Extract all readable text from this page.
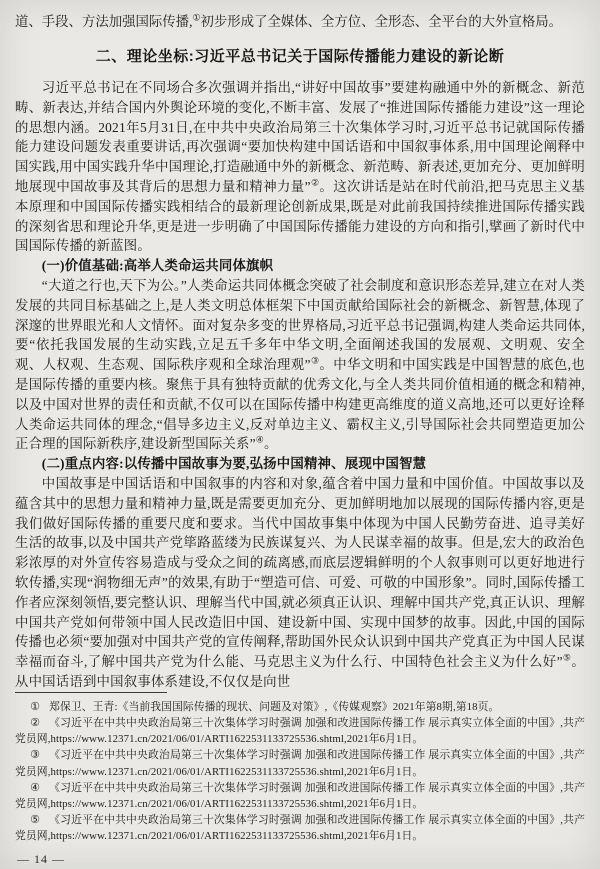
道、手段、方法加强国际传播,①初步形成了全媒体、全方位、全形态、全平台的大外宣格局。

二、理论坐标:习近平总书记关于国际传播能力建设的新论断

习近平总书记在不同场合多次强调并指出,“讲好中国故事”要建构融通中外的新概念、新范畴、新表达,并结合国内外舆论环境的变化,不断丰富、发展了“推进国际传播能力建设”这一理论的思想内涵。2021年5月31日,在中共中央政治局第三十次集体学习时,习近平总书记就国际传播能力建设问题发表重要讲话,再次强调“要加快构建中国话语和中国叙事体系,用中国理论阐释中国实践,用中国实践升华中国理论,打造融通中外的新概念、新范畴、新表述,更加充分、更加鲜明地展现中国故事及其背后的思想力量和精神力量”②。这次讲话是站在时代前沿,把马克思主义基本原理和中国国际传播实践相结合的最新理论创新成果,既是对此前我国持续推进国际传播实践的深刻省思和理论升华,更是进一步明确了中国国际传播能力建设的方向和指引,擘画了新时代中国国际传播的新蓝图。

(一)价值基础:高举人类命运共同体旗帜

“大道之行也,天下为公。”人类命运共同体概念突破了社会制度和意识形态差异,建立在对人类发展的共同目标基础之上,是人类文明总体框架下中国贡献给国际社会的新概念、新智慧,体现了深邃的世界眼光和人文情怀。面对复杂多变的世界格局,习近平总书记强调,构建人类命运共同体,要“依托我国发展的生动实践,立足五千多年中华文明,全面阐述我国的发展观、文明观、安全观、人权观、生态观、国际秩序观和全球治理观”③。中华文明和中国实践是中国智慧的底色,也是国际传播的重要内核。聚焦于具有独特贡献的优秀文化,与全人类共同价值相通的概念和精神,以及中国对世界的责任和贡献,不仅可以在国际传播中构建更高维度的道义高地,还可以更好诠释人类命运共同体的理念,“倡导多边主义,反对单边主义、霸权主义,引导国际社会共同塑造更加公正合理的国际新秩序,建设新型国际关系”④。

(二)重点内容:以传播中国故事为要,弘扬中国精神、展现中国智慧

中国故事是中国话语和中国叙事的内容和对象,蕴含着中国力量和中国价值。中国故事以及蕴含其中的思想力量和精神力量,既是需要更加充分、更加鲜明地加以展现的国际传播内容,更是我们做好国际传播的重要尺度和要求。当代中国故事集中体现为中国人民勤劳奋进、追寻美好生活的故事,以及中国共产党筚路蓝缕为民族谋复兴、为人民谋幸福的故事。但是,宏大的政治色彩浓厚的对外宣传容易造成与受众之间的疏离感,而底层逻辑鲜明的个人叙事则可以更好地进行软传播,实现“润物细无声”的效果,有助于“塑造可信、可爱、可敬的中国形象”。同时,国际传播工作者应深刻领悟,要完整认识、理解当代中国,就必须真正认识、理解中国共产党,真正认识、理解中国共产党如何带领中国人民改造旧中国、建设新中国、实现中国梦的故事。因此,中国的国际传播也必须“要加强对中国共产党的宣传阐释,帮助国外民众认识到中国共产党真正为中国人民谋幸福而奋斗,了解中国共产党为什么能、马克思主义为什么行、中国特色社会主义为什么好”⑤。从中国话语到中国叙事体系建设,不仅仅是向世

① 郑保卫、王青:《当前我国国际传播的现状、问题及对策》,《传媒观察》2021年第8期,第18页。

② 《习近平在中共中央政治局第三十次集体学习时强调 加强和改进国际传播工作 展示真实立体全面的中国》,共产党员网,https://www.12371.cn/2021/06/01/ARTI1622531133725536.shtml,2021年6月1日。

③ 《习近平在中共中央政治局第三十次集体学习时强调 加强和改进国际传播工作 展示真实立体全面的中国》,共产党员网,https://www.12371.cn/2021/06/01/ARTI1622531133725536.shtml,2021年6月1日。

④ 《习近平在中共中央政治局第三十次集体学习时强调 加强和改进国际传播工作 展示真实立体全面的中国》,共产党员网,https://www.12371.cn/2021/06/01/ARTI1622531133725536.shtml,2021年6月1日。

⑤ 《习近平在中共中央政治局第三十次集体学习时强调 加强和改进国际传播工作 展示真实立体全面的中国》,共产党员网,https://www.12371.cn/2021/06/01/ARTI1622531133725536.shtml,2021年6月1日。

— 14 —
